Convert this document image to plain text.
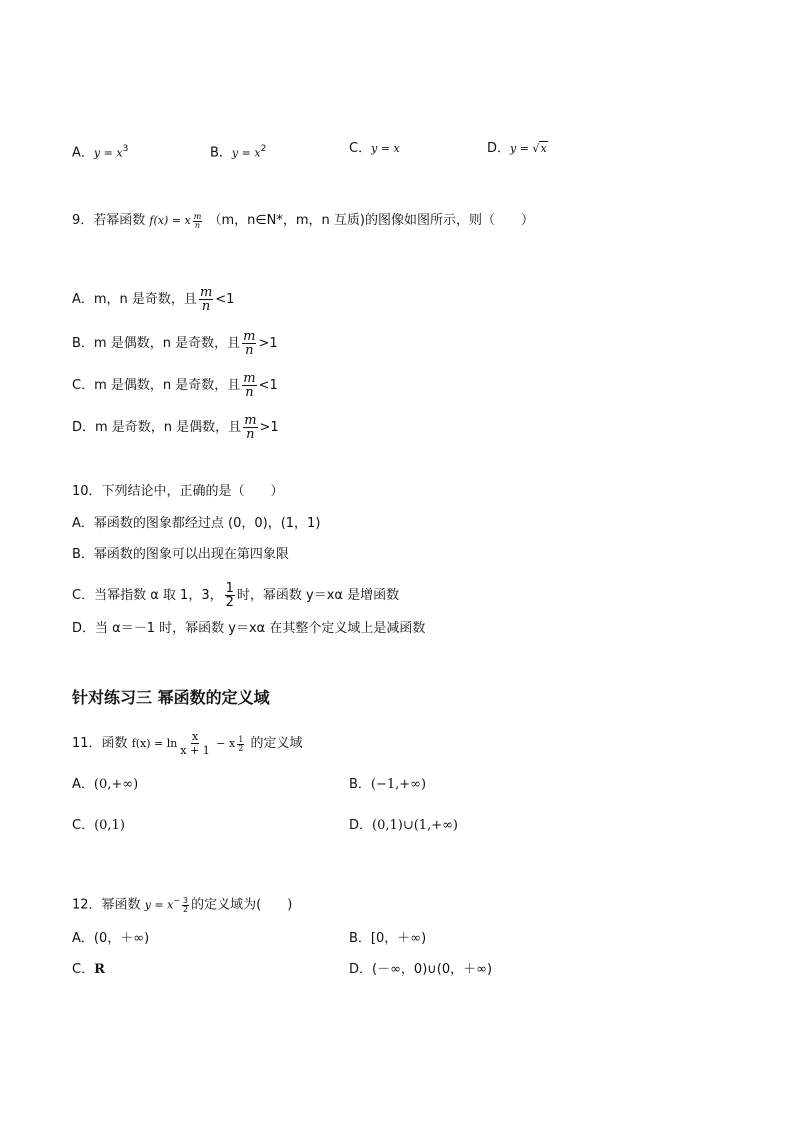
A．$y = x^3$	B．$y = x^2$	C．y = x	D．y = √x
9．若幂函数 f(x) = x $\frac{m}{n} (m$，n∈N*，m，n 互质)的图像如图所示，则（　　）
A．m，n 是奇数，且 $\frac{m}{n} <1$
B．m 是偶数，n 是奇数，且 $\frac{m}{n} >1$
C．m 是偶数，n 是奇数，且 $\frac{m}{n} <1$
D．m 是奇数，n 是偶数，且 $\frac{m}{n} >1$
10．下列结论中，正确的是（　　）
A．幂函数的图象都经过点 (0，0)，(1，1)
B．幂函数的图象可以出现在第四象限
C．当幂指数 α 取 1，3， $\frac{1}{2}$ 时，幂函数 y＝xα 是增函数
D．当 α＝－1 时，幂函数 y＝xα 在其整个定义域上是减函数
针对练习三 幂函数的定义域
11．函数 $f(x) = \ln \frac{x}{x + 1} - x \frac{1}{2}$ 的定义域
A．(0,+∞)	B．(−1,+∞)
C．(0,1)	D．(0,1)∪(1,+∞)
12．幂函数 $y = x^- \frac{3}{2}$ 的定义域为(　　)
A．(0，＋∞)	B．[0，＋∞)
C．R	D．(－∞，0)∪(0，＋∞)
